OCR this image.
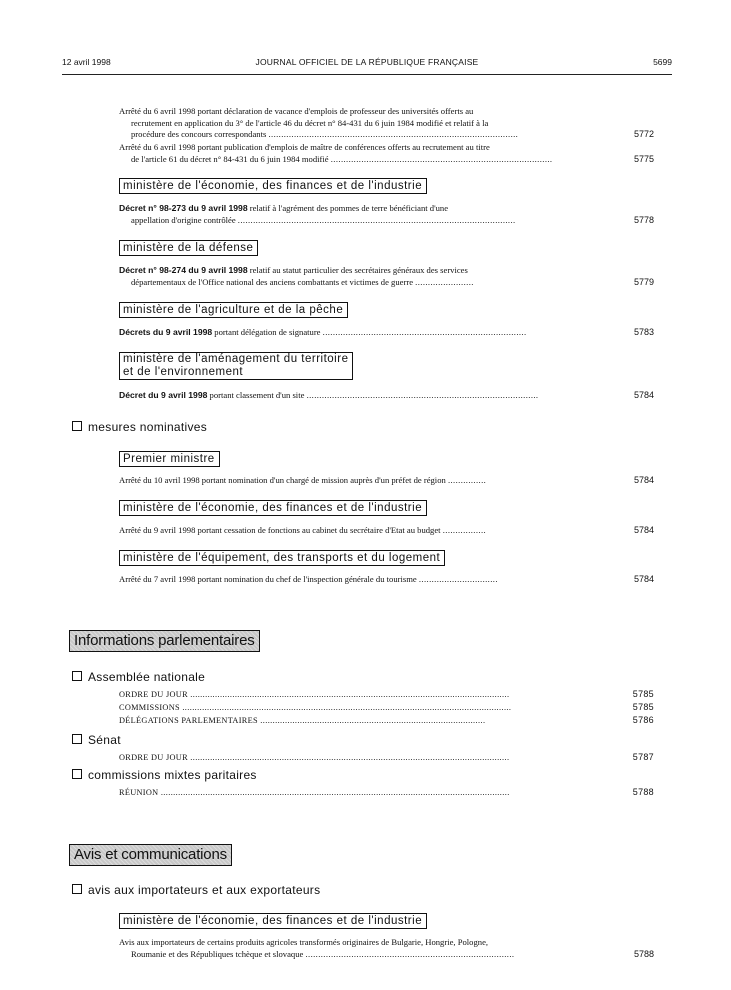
12 avril 1998	JOURNAL OFFICIEL DE LA RÉPUBLIQUE FRANÇAISE	5699
Arrêté du 6 avril 1998 portant déclaration de vacance d'emplois de professeur des universités offerts au
recrutement en application du 3° de l'article 46 du décret n° 84-431 du 6 juin 1984 modifié et relatif à la
procédure des concours correspondants ..................................................................................................	5772
Arrêté du 6 avril 1998 portant publication d'emplois de maître de conférences offerts au recrutement au titre
de l'article 61 du décret n° 84-431 du 6 juin 1984 modifié .......................................................................................	5775
ministère de l'économie, des finances et de l'industrie
Décret n° 98-273 du 9 avril 1998 relatif à l'agrément des pommes de terre bénéficiant d'une
appellation d'origine contrôlée .............................................................................................................	5778
ministère de la défense
Décret n° 98-274 du 9 avril 1998 relatif au statut particulier des secrétaires généraux des services
départementaux de l'Office national des anciens combattants et victimes de guerre .......................	5779
ministère de l'agriculture et de la pêche
Décrets du 9 avril 1998 portant délégation de signature ................................................................................	5783
ministère de l'aménagement du territoire
et de l'environnement
Décret du 9 avril 1998 portant classement d'un site ...........................................................................................	5784
mesures nominatives
Premier ministre
Arrêté du 10 avril 1998 portant nomination d'un chargé de mission auprès d'un préfet de région ...............	5784
ministère de l'économie, des finances et de l'industrie
Arrêté du 9 avril 1998 portant cessation de fonctions au cabinet du secrétaire d'Etat au budget .................	5784
ministère de l'équipement, des transports et du logement
Arrêté du 7 avril 1998 portant nomination du chef de l'inspection générale du tourisme ...............................	5784
Informations parlementaires
Assemblée nationale
ORDRE DU JOUR .................................................................................................................................	5785
COMMISSIONS .....................................................................................................................................	5785
DÉLÉGATIONS PARLEMENTAIRES ...........................................................................................	5786
Sénat
ORDRE DU JOUR .................................................................................................................................	5787
commissions mixtes paritaires
RÉUNION .............................................................................................................................................	5788
Avis et communications
avis aux importateurs et aux exportateurs
ministère de l'économie, des finances et de l'industrie
Avis aux importateurs de certains produits agricoles transformés originaires de Bulgarie, Hongrie, Pologne,
Roumanie et des Républiques tchèque et slovaque ..................................................................................	5788
